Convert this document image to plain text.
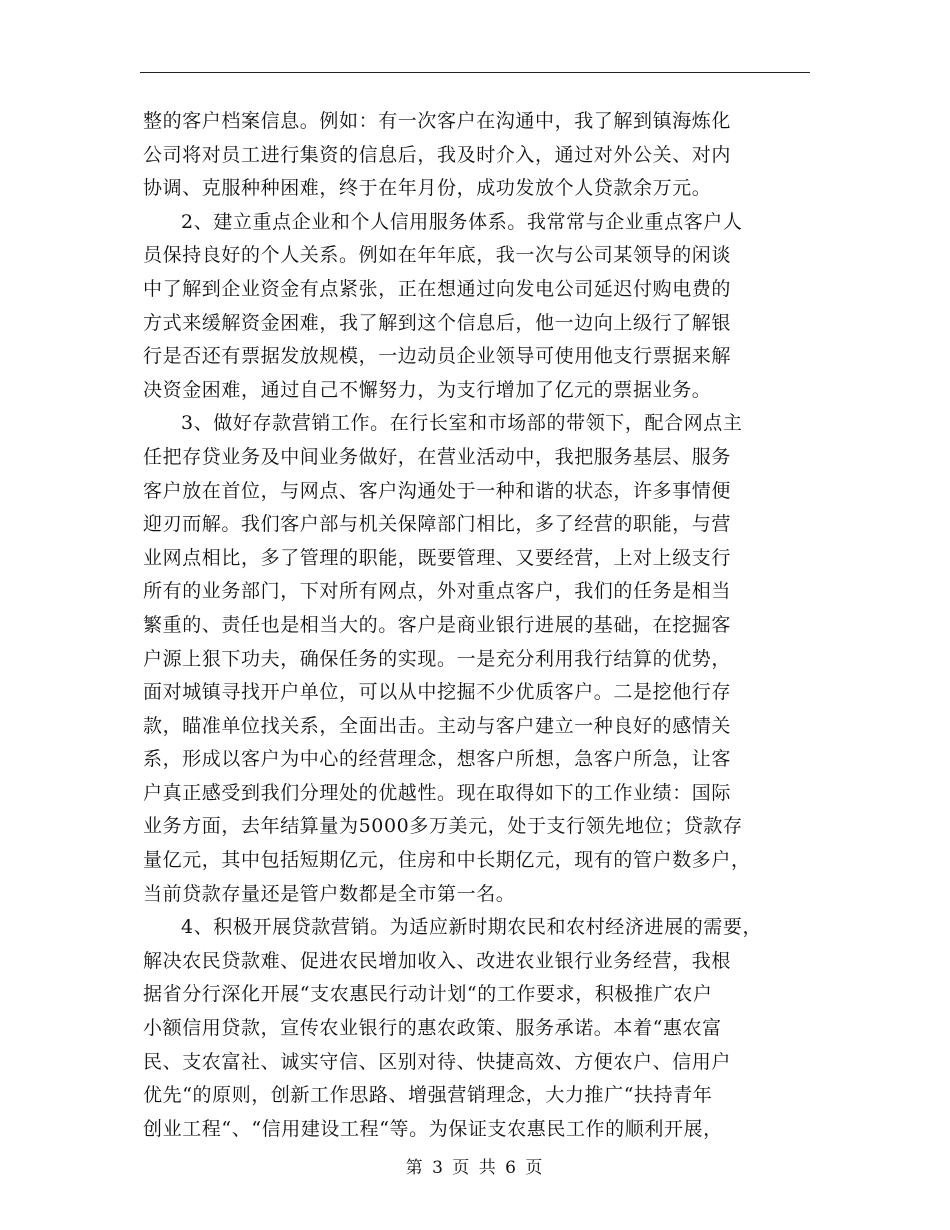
整的客户档案信息。例如：有一次客户在沟通中，我了解到镇海炼化
公司将对员工进行集资的信息后，我及时介入，通过对外公关、对内
协调、克服种种困难，终于在年月份，成功发放个人贷款余万元。
2、建立重点企业和个人信用服务体系。我常常与企业重点客户人
员保持良好的个人关系。例如在年年底，我一次与公司某领导的闲谈
中了解到企业资金有点紧张，正在想通过向发电公司延迟付购电费的
方式来缓解资金困难，我了解到这个信息后，他一边向上级行了解银
行是否还有票据发放规模，一边动员企业领导可使用他支行票据来解
决资金困难，通过自己不懈努力，为支行增加了亿元的票据业务。
3、做好存款营销工作。在行长室和市场部的带领下，配合网点主
任把存贷业务及中间业务做好，在营业活动中，我把服务基层、服务
客户放在首位，与网点、客户沟通处于一种和谐的状态，许多事情便
迎刃而解。我们客户部与机关保障部门相比，多了经营的职能，与营
业网点相比，多了管理的职能，既要管理、又要经营，上对上级支行
所有的业务部门，下对所有网点，外对重点客户，我们的任务是相当
繁重的、责任也是相当大的。客户是商业银行进展的基础，在挖掘客
户源上狠下功夫，确保任务的实现。一是充分利用我行结算的优势，
面对城镇寻找开户单位，可以从中挖掘不少优质客户。二是挖他行存
款，瞄准单位找关系，全面出击。主动与客户建立一种良好的感情关
系，形成以客户为中心的经营理念，想客户所想，急客户所急，让客
户真正感受到我们分理处的优越性。现在取得如下的工作业绩：国际
业务方面，去年结算量为5000多万美元，处于支行领先地位；贷款存
量亿元，其中包括短期亿元，住房和中长期亿元，现有的管户数多户，
当前贷款存量还是管户数都是全市第一名。
4、积极开展贷款营销。为适应新时期农民和农村经济进展的需要，
解决农民贷款难、促进农民增加收入、改进农业银行业务经营，我根
据省分行深化开展“支农惠民行动计划“的工作要求，积极推广农户
小额信用贷款，宣传农业银行的惠农政策、服务承诺。本着“惠农富
民、支农富社、诚实守信、区别对待、快捷高效、方便农户、信用户
优先“的原则，创新工作思路、增强营销理念，大力推广“扶持青年
创业工程“、“信用建设工程“等。为保证支农惠民工作的顺利开展，
第 3 页 共 6 页
